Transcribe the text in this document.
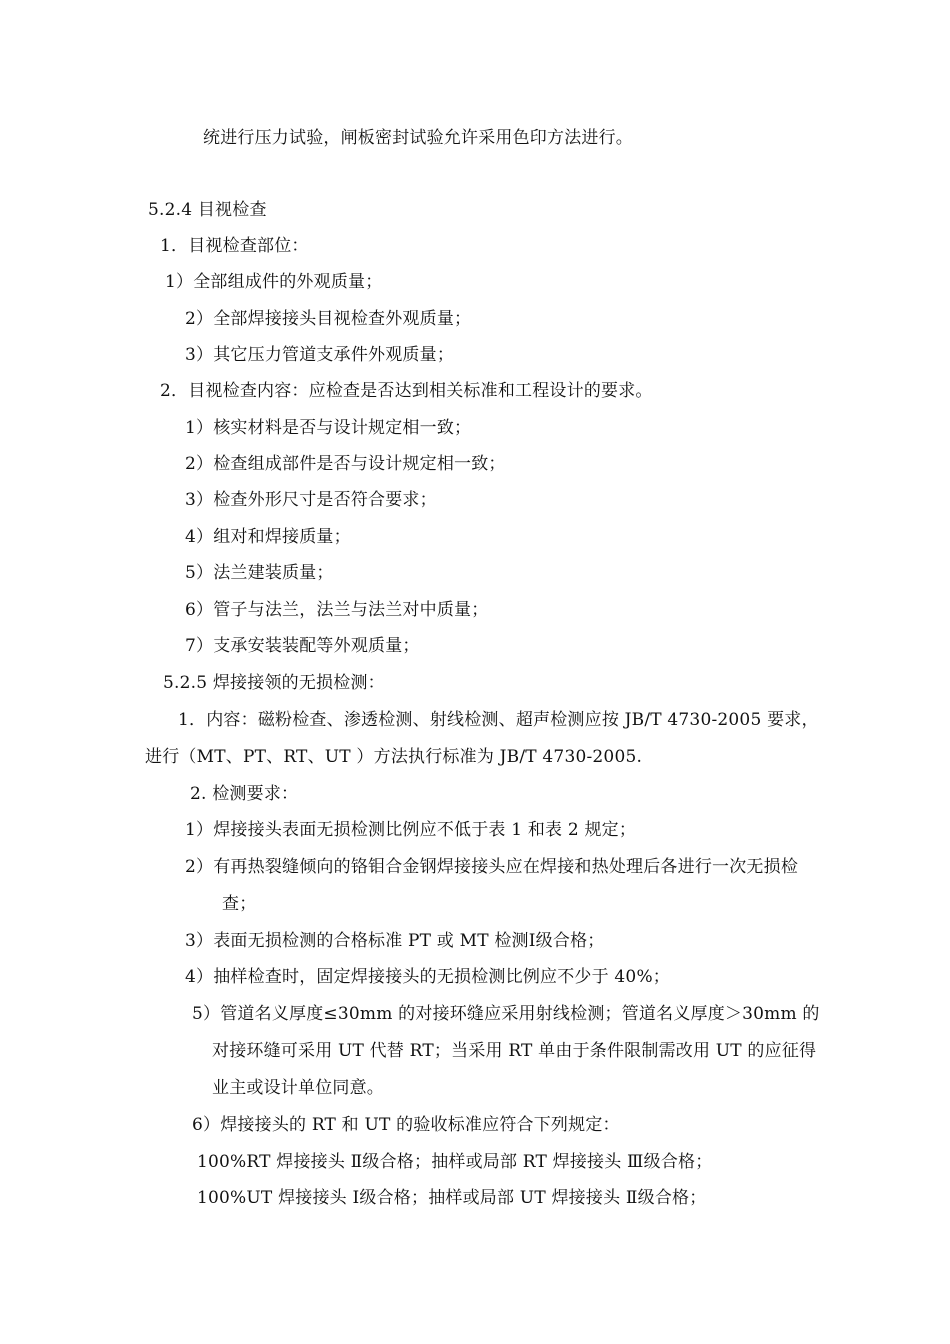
统进行压力试验，闸板密封试验允许采用色印方法进行。
5.2.4 目视检查
1．目视检查部位：
1）全部组成件的外观质量；
2）全部焊接接头目视检查外观质量；
3）其它压力管道支承件外观质量；
2．目视检查内容：应检查是否达到相关标准和工程设计的要求。
1）核实材料是否与设计规定相一致；
2）检查组成部件是否与设计规定相一致；
3）检查外形尺寸是否符合要求；
4）组对和焊接质量；
5）法兰建装质量；
6）管子与法兰，法兰与法兰对中质量；
7）支承安装装配等外观质量；
5.2.5 焊接接领的无损检测：
1．内容：磁粉检查、渗透检测、射线检测、超声检测应按 JB/T 4730-2005 要求，
进行（MT、PT、RT、UT ）方法执行标准为 JB/T 4730-2005.
2. 检测要求：
1）焊接接头表面无损检测比例应不低于表 1 和表 2 规定；
2）有再热裂缝倾向的铬钼合金钢焊接接头应在焊接和热处理后各进行一次无损检
查；
3）表面无损检测的合格标准 PT 或 MT 检测Ⅰ级合格；
4）抽样检查时，固定焊接接头的无损检测比例应不少于 40%；
5）管道名义厚度≤30mm 的对接环缝应采用射线检测；管道名义厚度＞30mm 的
对接环缝可采用 UT 代替 RT；当采用 RT 单由于条件限制需改用 UT 的应征得
业主或设计单位同意。
6）焊接接头的 RT 和 UT 的验收标准应符合下列规定：
100%RT 焊接接头 Ⅱ级合格；抽样或局部 RT 焊接接头 Ⅲ级合格；
100%UT 焊接接头 Ⅰ级合格；抽样或局部 UT 焊接接头 Ⅱ级合格；
